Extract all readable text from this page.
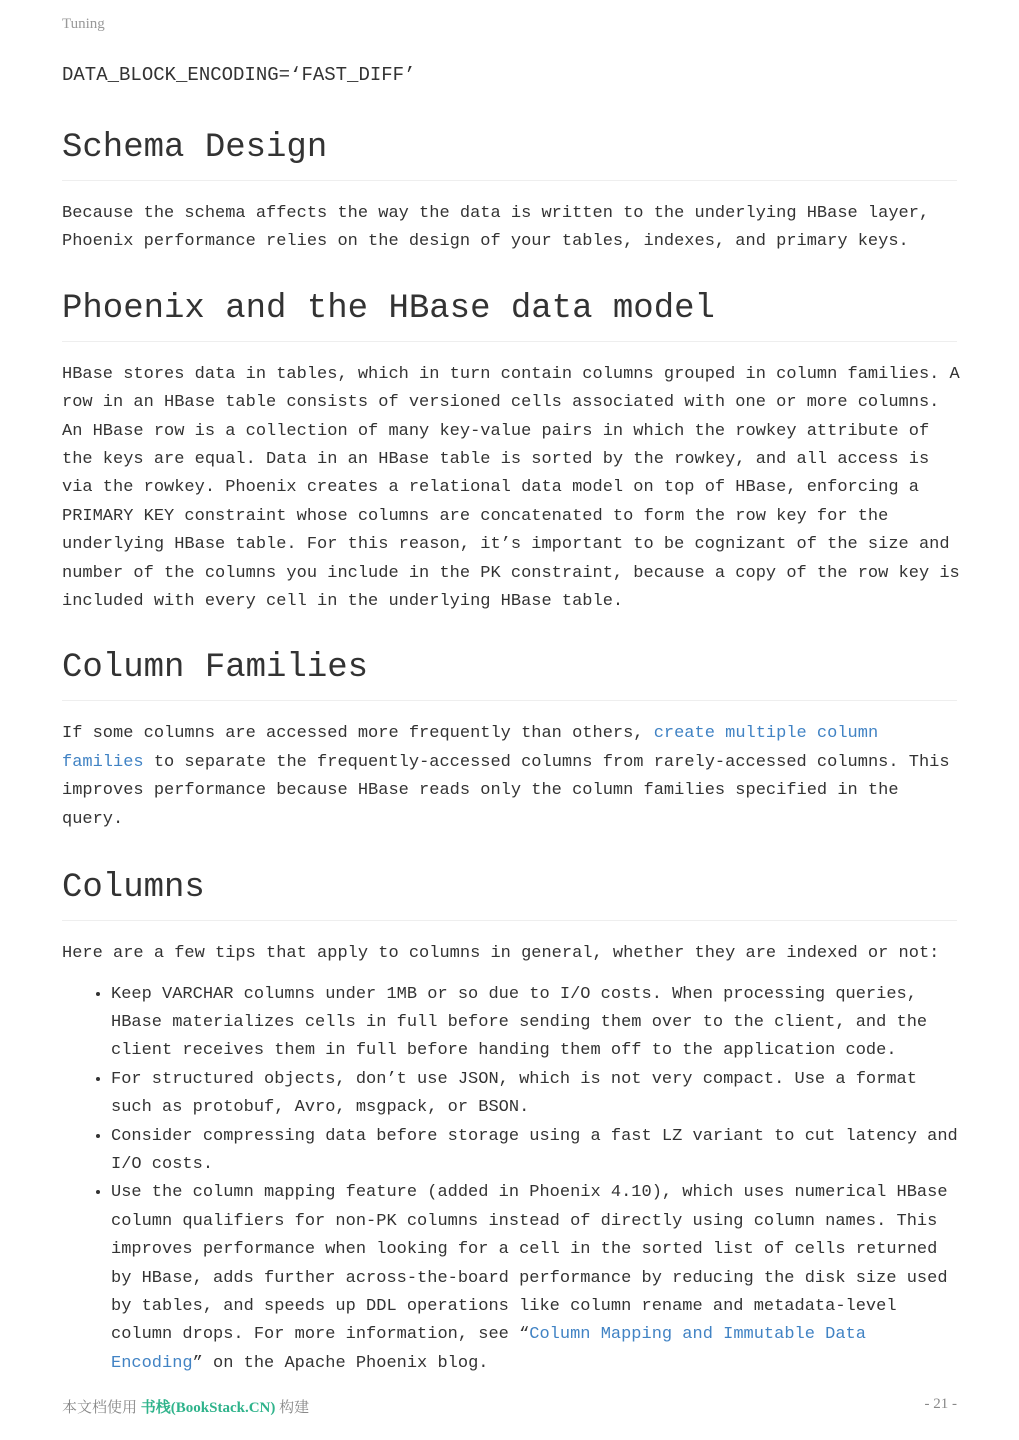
Tuning

DATA_BLOCK_ENCODING=‘FAST_DIFF’

Schema Design

Because the schema affects the way the data is written to the underlying HBase layer, Phoenix performance relies on the design of your tables, indexes, and primary keys.

Phoenix and the HBase data model

HBase stores data in tables, which in turn contain columns grouped in column families. A row in an HBase table consists of versioned cells associated with one or more columns. An HBase row is a collection of many key-value pairs in which the rowkey attribute of the keys are equal. Data in an HBase table is sorted by the rowkey, and all access is via the rowkey. Phoenix creates a relational data model on top of HBase, enforcing a PRIMARY KEY constraint whose columns are concatenated to form the row key for the underlying HBase table. For this reason, it’s important to be cognizant of the size and number of the columns you include in the PK constraint, because a copy of the row key is included with every cell in the underlying HBase table.

Column Families

If some columns are accessed more frequently than others, create multiple column families to separate the frequently-accessed columns from rarely-accessed columns. This improves performance because HBase reads only the column families specified in the query.

Columns

Here are a few tips that apply to columns in general, whether they are indexed or not:

• Keep VARCHAR columns under 1MB or so due to I/O costs. When processing queries, HBase materializes cells in full before sending them over to the client, and the client receives them in full before handing them off to the application code.
• For structured objects, don’t use JSON, which is not very compact. Use a format such as protobuf, Avro, msgpack, or BSON.
• Consider compressing data before storage using a fast LZ variant to cut latency and I/O costs.
• Use the column mapping feature (added in Phoenix 4.10), which uses numerical HBase column qualifiers for non-PK columns instead of directly using column names. This improves performance when looking for a cell in the sorted list of cells returned by HBase, adds further across-the-board performance by reducing the disk size used by tables, and speeds up DDL operations like column rename and metadata-level column drops. For more information, see “Column Mapping and Immutable Data Encoding” on the Apache Phoenix blog.
本文档使用 书栈(BookStack.CN) 构建	- 21 -
